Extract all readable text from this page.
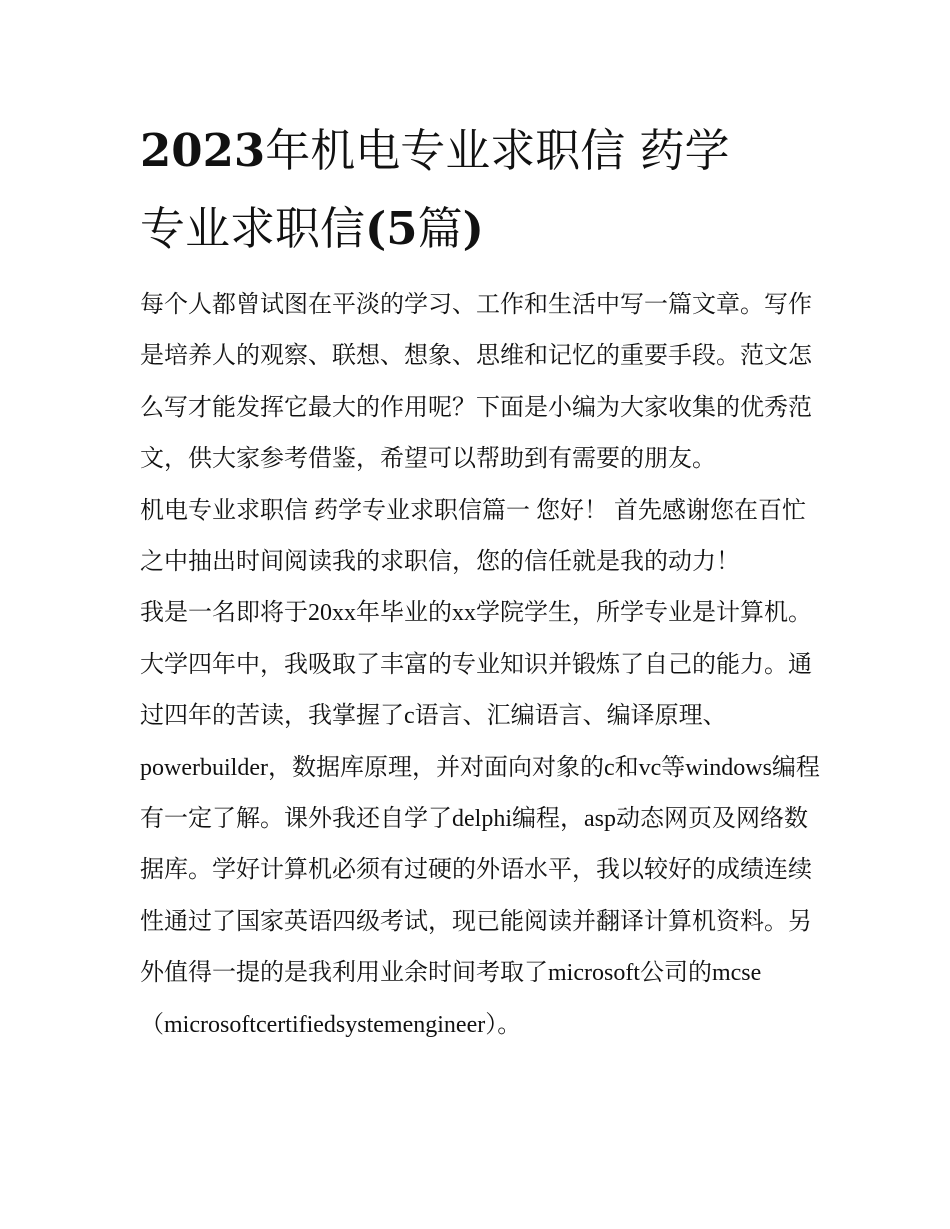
2023年机电专业求职信 药学
专业求职信(5篇)

每个人都曾试图在平淡的学习、工作和生活中写一篇文章。写作是培养人的观察、联想、想象、思维和记忆的重要手段。范文怎么写才能发挥它最大的作用呢？下面是小编为大家收集的优秀范文，供大家参考借鉴，希望可以帮助到有需要的朋友。

机电专业求职信 药学专业求职信篇一 您好！ 首先感谢您在百忙之中抽出时间阅读我的求职信，您的信任就是我的动力！

我是一名即将于20xx年毕业的xx学院学生，所学专业是计算机。

大学四年中，我吸取了丰富的专业知识并锻炼了自己的能力。通过四年的苦读，我掌握了c语言、汇编语言、编译原理、powerbuilder，数据库原理，并对面向对象的c和vc等windows编程有一定了解。课外我还自学了delphi编程，asp动态网页及网络数据库。学好计算机必须有过硬的外语水平，我以较好的成绩连续性通过了国家英语四级考试，现已能阅读并翻译计算机资料。另外值得一提的是我利用业余时间考取了microsoft公司的mcse（microsoftcertifiedsystemengineer）。
